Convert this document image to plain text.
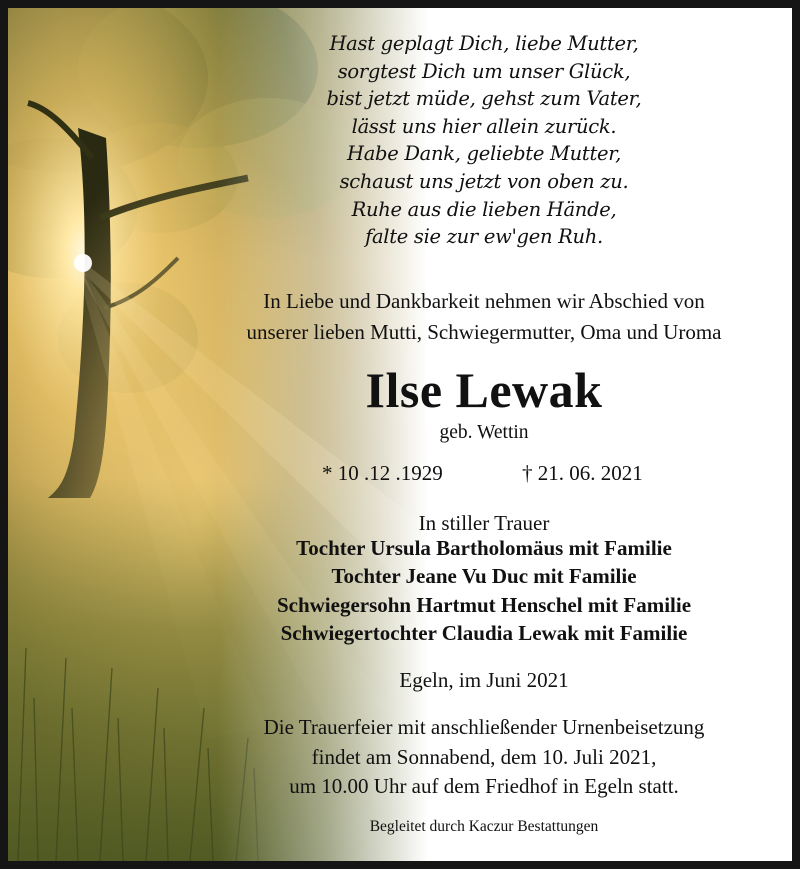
Hast geplagt Dich, liebe Mutter,
sorgtest Dich um unser Glück,
bist jetzt müde, gehst zum Vater,
lässt uns hier allein zurück.
Habe Dank, geliebte Mutter,
schaust uns jetzt von oben zu.
Ruhe aus die lieben Hände,
falte sie zur ew'gen Ruh.
In Liebe und Dankbarkeit nehmen wir Abschied von
unserer lieben Mutti, Schwiegermutter, Oma und Uroma
Ilse Lewak
geb. Wettin
* 10 .12 .1929	† 21. 06. 2021
In stiller Trauer
Tochter Ursula Bartholomäus mit Familie
Tochter Jeane Vu Duc mit Familie
Schwiegersohn Hartmut Henschel mit Familie
Schwiegertochter Claudia Lewak mit Familie
Egeln, im Juni 2021
Die Trauerfeier mit anschließender Urnenbeisetzung
findet am Sonnabend, dem 10. Juli 2021,
um 10.00 Uhr auf dem Friedhof in Egeln statt.
Begleitet durch Kaczur Bestattungen
